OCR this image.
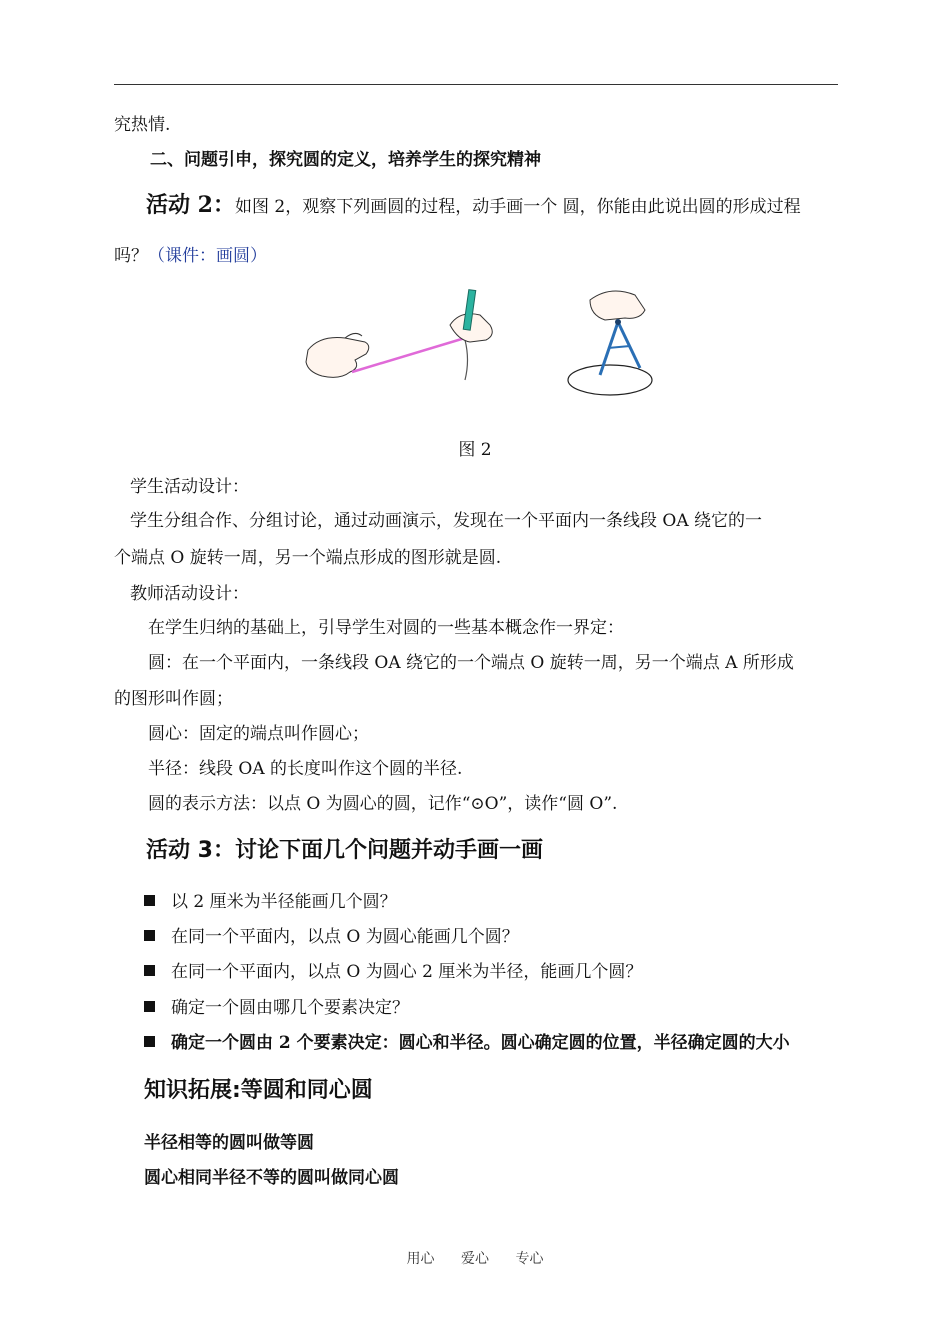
究热情.
二、问题引申，探究圆的定义，培养学生的探究精神
活动 2：如图 2，观察下列画圆的过程，动手画一个 圆，你能由此说出圆的形成过程
吗？（课件：画圆）
图 2
学生活动设计：
学生分组合作、分组讨论，通过动画演示，发现在一个平面内一条线段 OA 绕它的一
个端点 O 旋转一周，另一个端点形成的图形就是圆.
教师活动设计：
在学生归纳的基础上，引导学生对圆的一些基本概念作一界定：
圆：在一个平面内，一条线段 OA 绕它的一个端点 O 旋转一周，另一个端点 A 所形成
的图形叫作圆；
圆心：固定的端点叫作圆心；
半径：线段 OA 的长度叫作这个圆的半径.
圆的表示方法：以点 O 为圆心的圆，记作“⊙O”，读作“圆 O”.
活动 3：讨论下面几个问题并动手画一画
以 2 厘米为半径能画几个圆？
在同一个平面内，以点 O 为圆心能画几个圆？
在同一个平面内，以点 O 为圆心 2 厘米为半径，能画几个圆？
确定一个圆由哪几个要素决定？
确定一个圆由 2 个要素决定：圆心和半径。圆心确定圆的位置，半径确定圆的大小
知识拓展:等圆和同心圆
半径相等的圆叫做等圆
圆心相同半径不等的圆叫做同心圆
用心 爱心 专心
